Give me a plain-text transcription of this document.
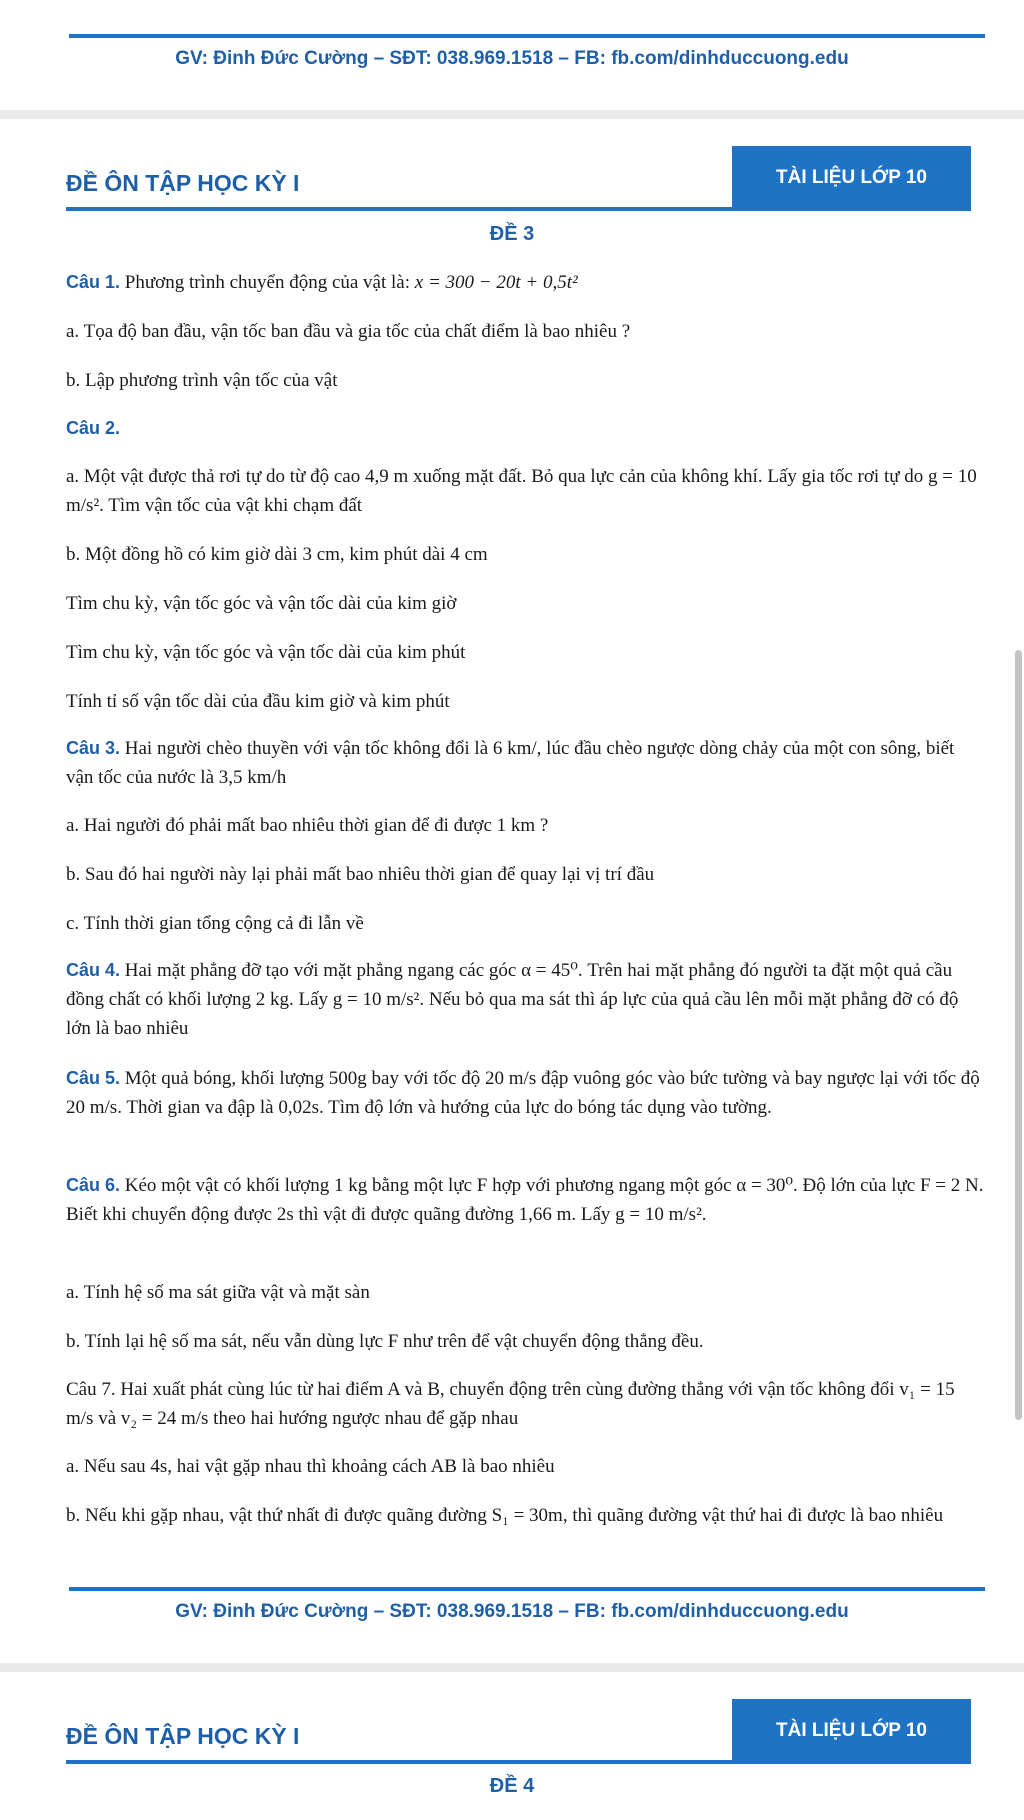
GV: Đinh Đức Cường – SĐT: 038.969.1518 – FB: fb.com/dinhduccuong.edu
ĐỀ ÔN TẬP HỌC KỲ I	TÀI LIỆU LỚP 10
ĐỀ 3

Câu 1. Phương trình chuyển động của vật là: x = 300 − 20t + 0,5t²

a. Tọa độ ban đầu, vận tốc ban đầu và gia tốc của chất điểm là bao nhiêu ?

b. Lập phương trình vận tốc của vật

Câu 2.

a. Một vật được thả rơi tự do từ độ cao 4,9 m xuống mặt đất. Bỏ qua lực cản của không khí. Lấy gia tốc rơi tự do g = 10 m/s². Tìm vận tốc của vật khi chạm đất

b. Một đồng hồ có kim giờ dài 3 cm, kim phút dài 4 cm

Tìm chu kỳ, vận tốc góc và vận tốc dài của kim giờ

Tìm chu kỳ, vận tốc góc và vận tốc dài của kim phút

Tính tỉ số vận tốc dài của đầu kim giờ và kim phút

Câu 3. Hai người chèo thuyền với vận tốc không đổi là 6 km/, lúc đầu chèo ngược dòng chảy của một con sông, biết vận tốc của nước là 3,5 km/h

a. Hai người đó phải mất bao nhiêu thời gian để đi được 1 km ?

b. Sau đó hai người này lại phải mất bao nhiêu thời gian để quay lại vị trí đầu

c. Tính thời gian tổng cộng cả đi lẫn về

Câu 4. Hai mặt phẳng đỡ tạo với mặt phẳng ngang các góc α = 45⁰. Trên hai mặt phẳng đó người ta đặt một quả cầu đồng chất có khối lượng 2 kg. Lấy g = 10 m/s². Nếu bỏ qua ma sát thì áp lực của quả cầu lên mỗi mặt phẳng đỡ có độ lớn là bao nhiêu

Câu 5. Một quả bóng, khối lượng 500g bay với tốc độ 20 m/s đập vuông góc vào bức tường và bay ngược lại với tốc độ 20 m/s. Thời gian va đập là 0,02s. Tìm độ lớn và hướng của lực do bóng tác dụng vào tường.

Câu 6. Kéo một vật có khối lượng 1 kg bằng một lực F hợp với phương ngang một góc α = 30⁰. Độ lớn của lực F = 2 N. Biết khi chuyển động được 2s thì vật đi được quãng đường 1,66 m. Lấy g = 10 m/s².

a. Tính hệ số ma sát giữa vật và mặt sàn

b. Tính lại hệ số ma sát, nếu vẫn dùng lực F như trên để vật chuyển động thẳng đều.

Câu 7. Hai xuất phát cùng lúc từ hai điểm A và B, chuyển động trên cùng đường thẳng với vận tốc không đổi v₁ = 15 m/s và v₂ = 24 m/s theo hai hướng ngược nhau để gặp nhau

a. Nếu sau 4s, hai vật gặp nhau thì khoảng cách AB là bao nhiêu

b. Nếu khi gặp nhau, vật thứ nhất đi được quãng đường S₁ = 30m, thì quãng đường vật thứ hai đi được là bao nhiêu

GV: Đinh Đức Cường – SĐT: 038.969.1518 – FB: fb.com/dinhduccuong.edu
ĐỀ ÔN TẬP HỌC KỲ I	TÀI LIỆU LỚP 10
ĐỀ 4
